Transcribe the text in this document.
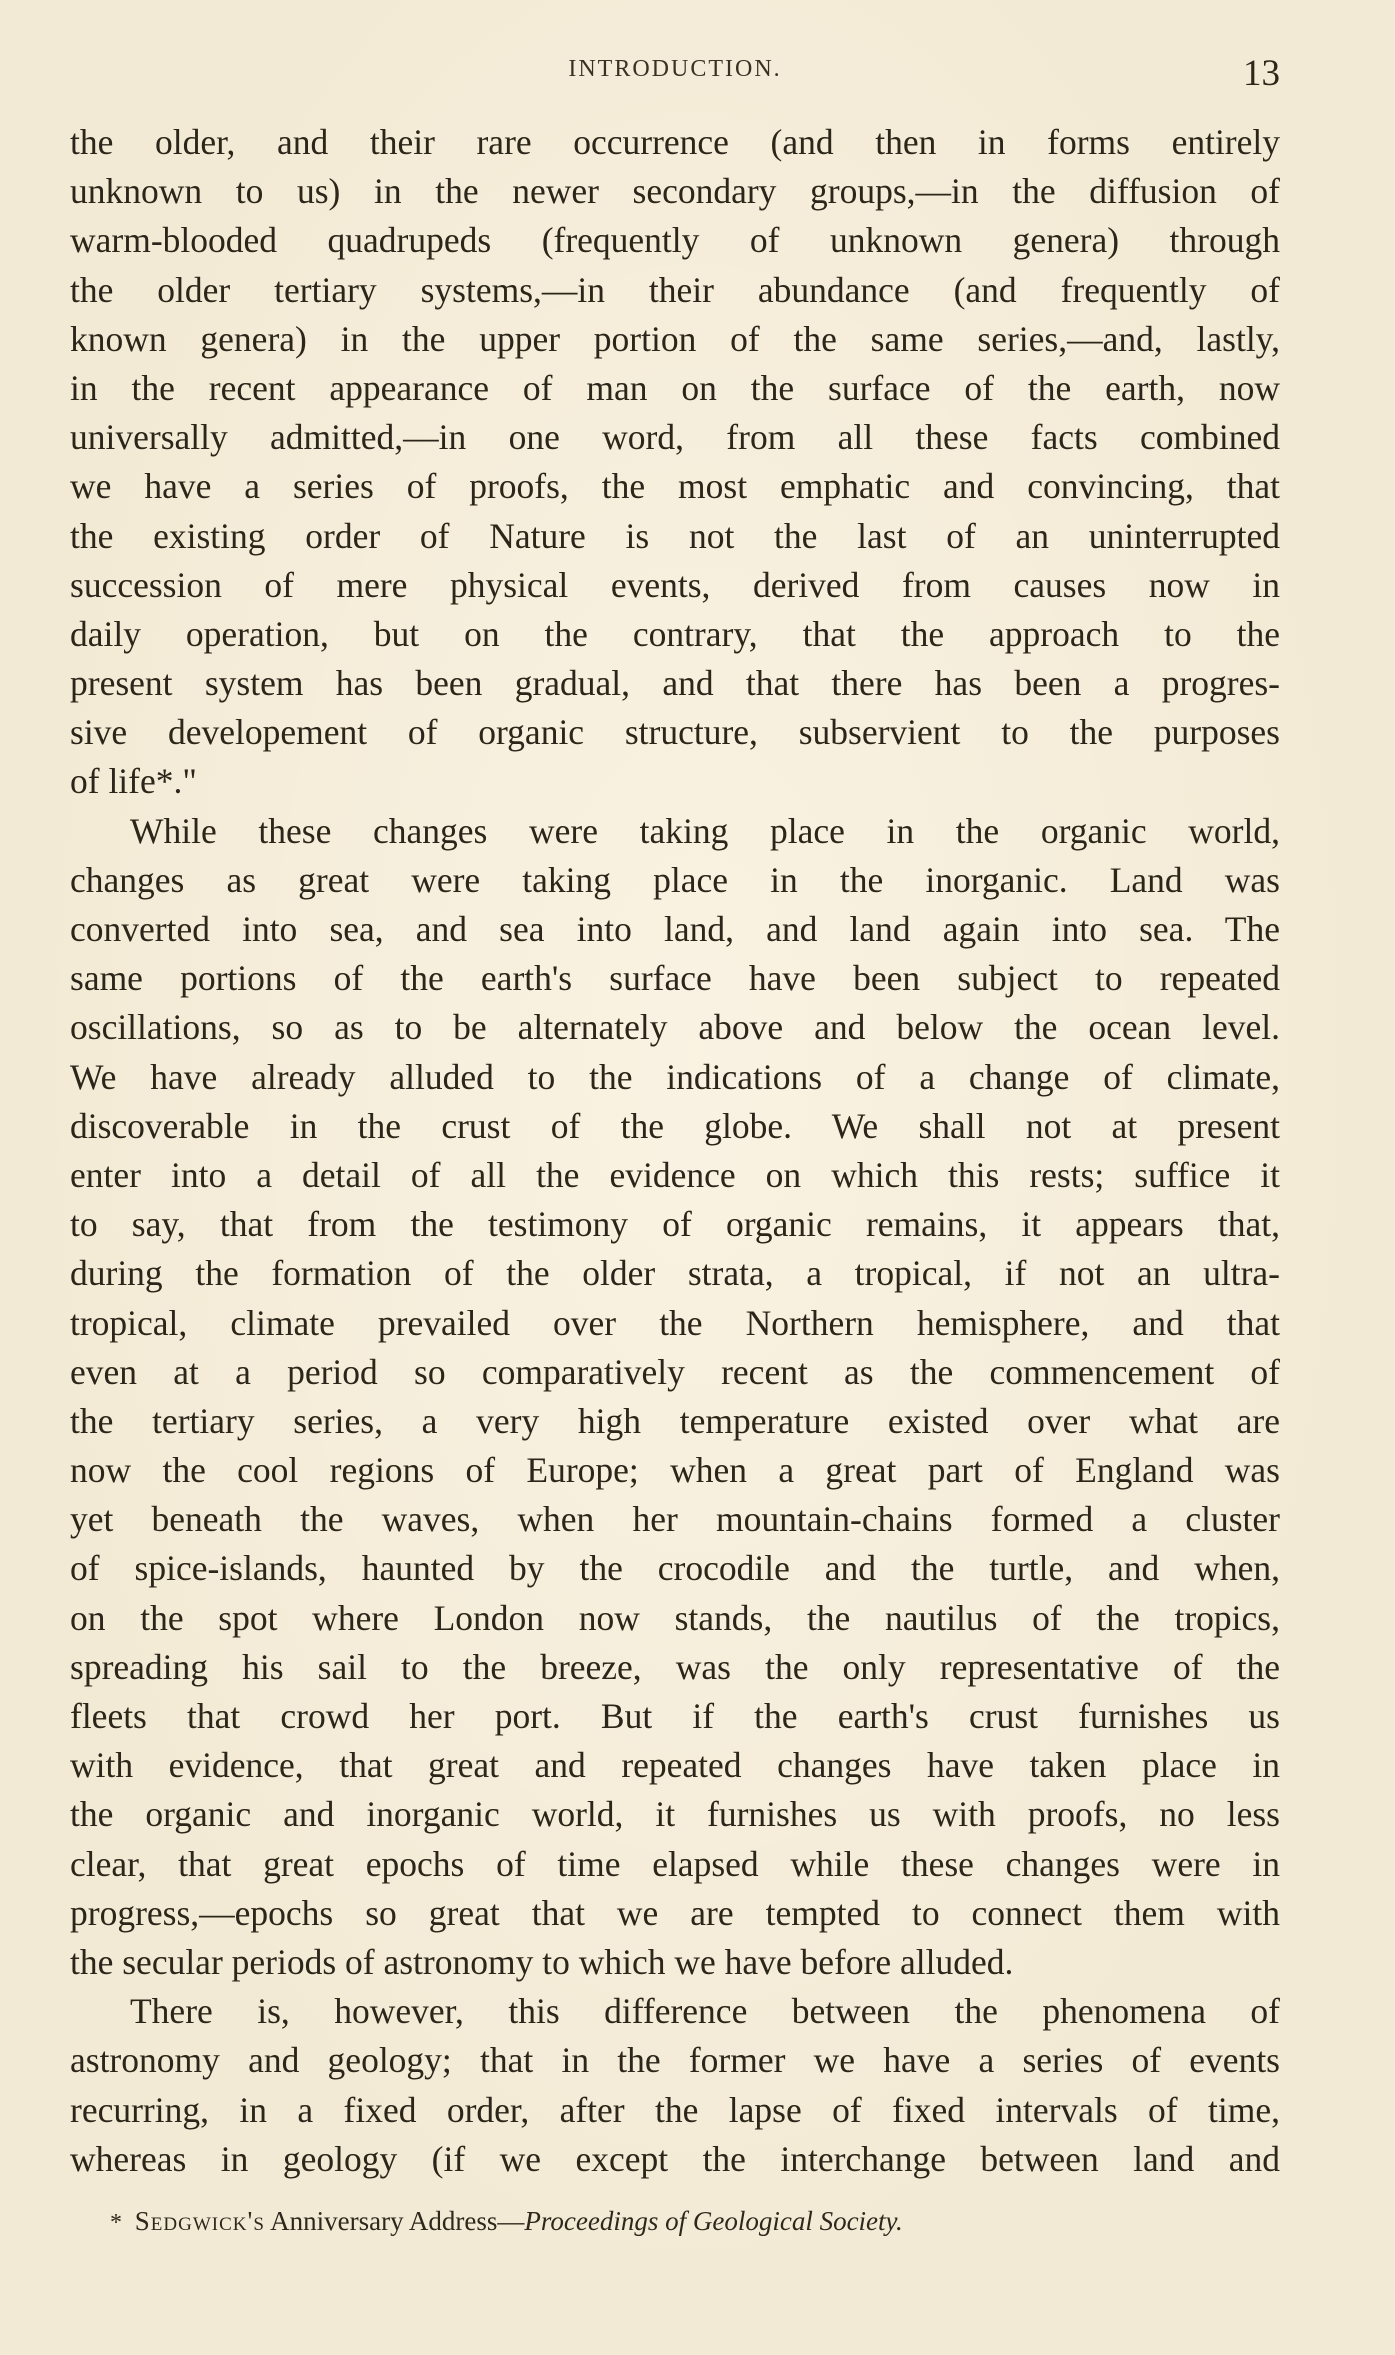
INTRODUCTION.	13
the older, and their rare occurrence (and then in forms entirely
unknown to us) in the newer secondary groups,—in the diffusion of
warm-blooded quadrupeds (frequently of unknown genera) through
the older tertiary systems,—in their abundance (and frequently of
known genera) in the upper portion of the same series,—and, lastly,
in the recent appearance of man on the surface of the earth, now
universally admitted,—in one word, from all these facts combined
we have a series of proofs, the most emphatic and convincing, that
the existing order of Nature is not the last of an uninterrupted
succession of mere physical events, derived from causes now in
daily operation, but on the contrary, that the approach to the
present system has been gradual, and that there has been a progres-
sive developement of organic structure, subservient to the purposes
of life*."
While these changes were taking place in the organic world,
changes as great were taking place in the inorganic. Land was
converted into sea, and sea into land, and land again into sea. The
same portions of the earth's surface have been subject to repeated
oscillations, so as to be alternately above and below the ocean level.
We have already alluded to the indications of a change of climate,
discoverable in the crust of the globe. We shall not at present
enter into a detail of all the evidence on which this rests; suffice it
to say, that from the testimony of organic remains, it appears that,
during the formation of the older strata, a tropical, if not an ultra-
tropical, climate prevailed over the Northern hemisphere, and that
even at a period so comparatively recent as the commencement of
the tertiary series, a very high temperature existed over what are
now the cool regions of Europe; when a great part of England was
yet beneath the waves, when her mountain-chains formed a cluster
of spice-islands, haunted by the crocodile and the turtle, and when,
on the spot where London now stands, the nautilus of the tropics,
spreading his sail to the breeze, was the only representative of the
fleets that crowd her port. But if the earth's crust furnishes us
with evidence, that great and repeated changes have taken place in
the organic and inorganic world, it furnishes us with proofs, no less
clear, that great epochs of time elapsed while these changes were in
progress,—epochs so great that we are tempted to connect them with
the secular periods of astronomy to which we have before alluded.
There is, however, this difference between the phenomena of
astronomy and geology; that in the former we have a series of events
recurring, in a fixed order, after the lapse of fixed intervals of time,
whereas in geology (if we except the interchange between land and
* Sedgwick's Anniversary Address—Proceedings of Geological Society.
